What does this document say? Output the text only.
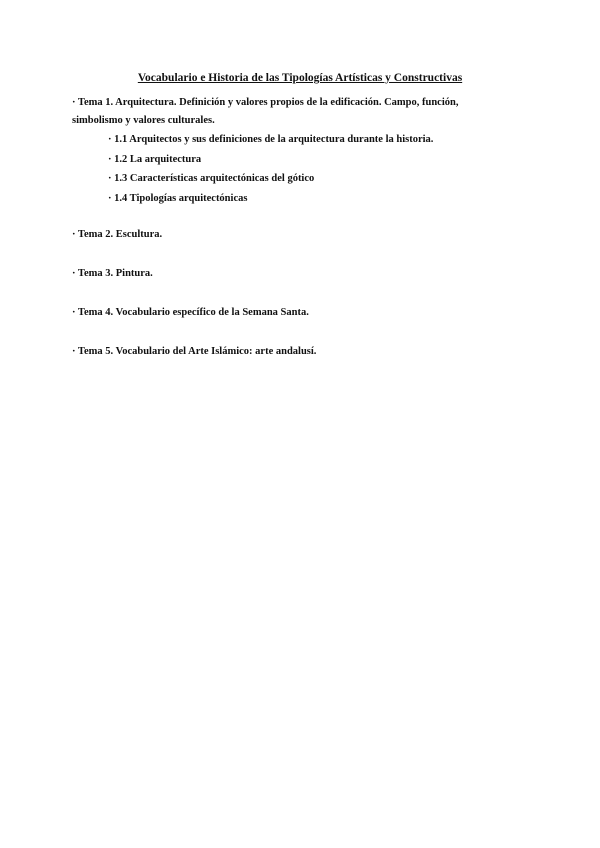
Vocabulario e Historia de las Tipologías Artísticas y Constructivas
· Tema 1. Arquitectura. Definición y valores propios de la edificación. Campo, función,
simbolismo y valores culturales.
· 1.1 Arquitectos y sus definiciones de la arquitectura durante la historia.
· 1.2 La arquitectura
· 1.3 Características arquitectónicas del gótico
· 1.4 Tipologías arquitectónicas
· Tema 2. Escultura.
· Tema 3. Pintura.
· Tema 4. Vocabulario específico de la Semana Santa.
· Tema 5. Vocabulario del Arte Islámico: arte andalusí.
